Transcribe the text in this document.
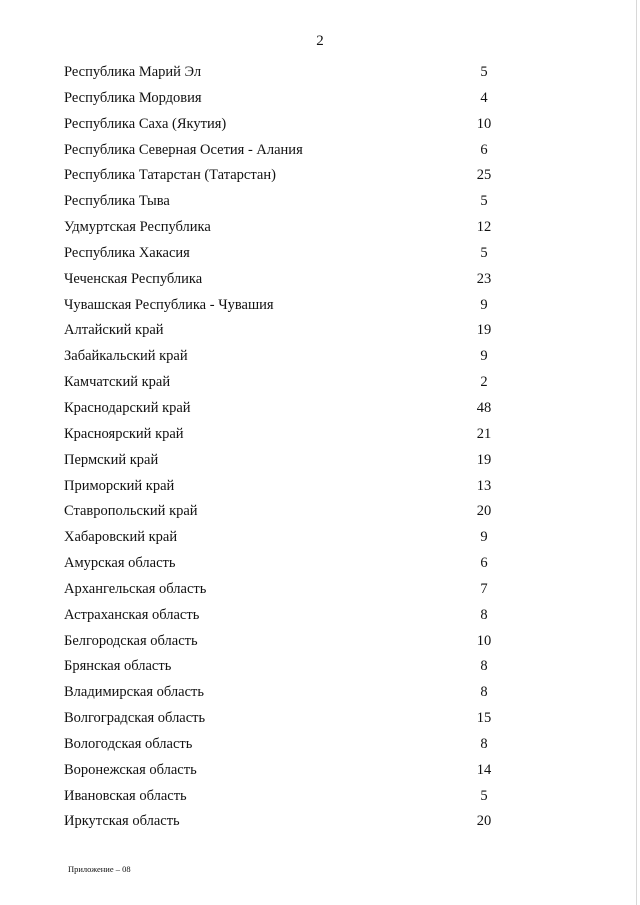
2
Республика Марий Эл	5
Республика Мордовия	4
Республика Саха (Якутия)	10
Республика Северная Осетия - Алания	6
Республика Татарстан (Татарстан)	25
Республика Тыва	5
Удмуртская Республика	12
Республика Хакасия	5
Чеченская Республика	23
Чувашская Республика - Чувашия	9
Алтайский край	19
Забайкальский край	9
Камчатский край	2
Краснодарский край	48
Красноярский край	21
Пермский край	19
Приморский край	13
Ставропольский край	20
Хабаровский край	9
Амурская область	6
Архангельская область	7
Астраханская область	8
Белгородская область	10
Брянская область	8
Владимирская область	8
Волгоградская область	15
Вологодская область	8
Воронежская область	14
Ивановская область	5
Иркутская область	20
Приложение – 08
